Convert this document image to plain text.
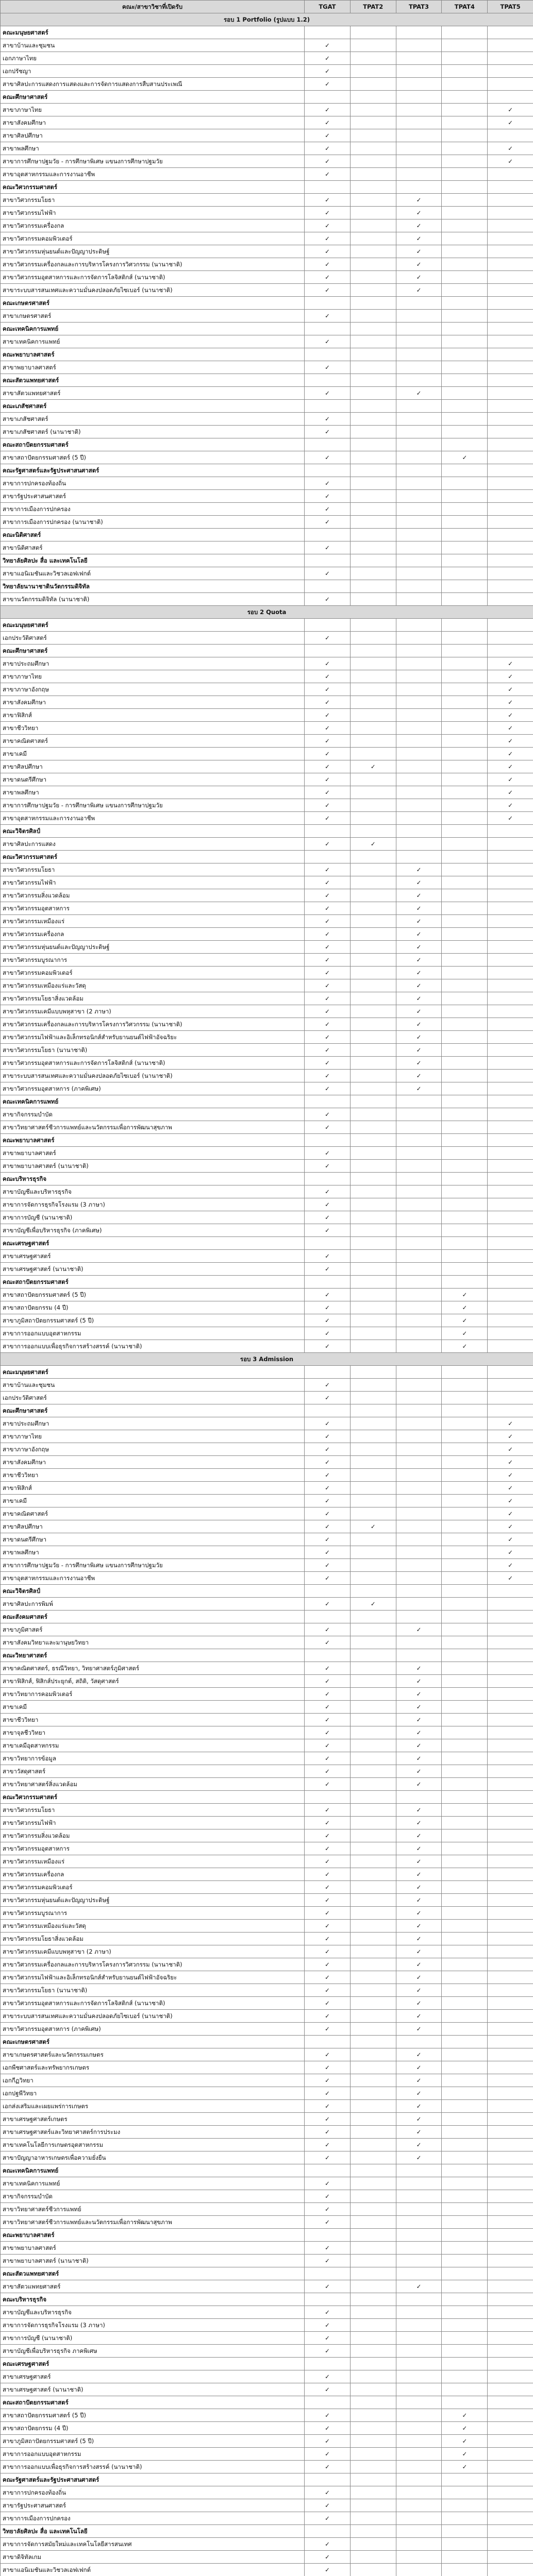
คณะ/สาขาวิชาที่เปิดรับ	TGAT	TPAT2	TPAT3	TPAT4	TPAT5
รอบ 1 Portfolio (รูปแบบ 1.2)					
คณะมนุษยศาสตร์					
สาขาบ้านและชุมชน	✓				
เอกภาษาไทย	✓				
เอกปรัชญา	✓				
สาขาศิลปะการแสดงการแสดงและการจัดการแสดงการสืบสานประเพณี	✓				
คณะศึกษาศาสตร์					
สาขาภาษาไทย	✓				✓
สาขาสังคมศึกษา	✓				✓
สาขาศิลปศึกษา	✓				
สาขาพลศึกษา	✓				✓
สาขาการศึกษาปฐมวัย - การศึกษาพิเศษ แขนงการศึกษาปฐมวัย	✓				✓
สาขาอุตสาหกรรมและการงานอาชีพ	✓				
คณะวิศวกรรมศาสตร์					
สาขาวิศวกรรมโยธา	✓		✓		
สาขาวิศวกรรมไฟฟ้า	✓		✓		
สาขาวิศวกรรมเครื่องกล	✓		✓		
สาขาวิศวกรรมคอมพิวเตอร์	✓		✓		
สาขาวิศวกรรมหุ่นยนต์และปัญญาประดิษฐ์	✓		✓		
สาขาวิศวกรรมเครื่องกลและการบริหารโครงการวิศวกรรม (นานาชาติ)	✓		✓		
สาขาวิศวกรรมอุตสาหการและการจัดการโลจิสติกส์ (นานาชาติ)	✓		✓		
สาขาระบบสารสนเทศและความมั่นคงปลอดภัยไซเบอร์ (นานาชาติ)	✓		✓		
คณะเกษตรศาสตร์					
สาขาเกษตรศาสตร์	✓				
คณะเทคนิคการแพทย์					
สาขาเทคนิคการแพทย์	✓				
คณะพยาบาลศาสตร์					
สาขาพยาบาลศาสตร์	✓				
คณะสัตวแพทยศาสตร์					
สาขาสัตวแพทยศาสตร์	✓		✓		
คณะเภสัชศาสตร์					
สาขาเภสัชศาสตร์	✓				
สาขาเภสัชศาสตร์ (นานาชาติ)	✓				
คณะสถาปัตยกรรมศาสตร์					
สาขาสถาปัตยกรรมศาสตร์ (5 ปี)	✓			✓	
คณะรัฐศาสตร์และรัฐประศาสนศาสตร์					
สาขาการปกครองท้องถิ่น	✓				
สาขารัฐประศาสนศาสตร์	✓				
สาขาการเมืองการปกครอง	✓				
สาขาการเมืองการปกครอง (นานาชาติ)	✓				
คณะนิติศาสตร์					
สาขานิติศาสตร์	✓				
วิทยาลัยศิลปะ สื่อ และเทคโนโลยี					
สาขาแอนิเมชันและวิชวลเอฟเฟกต์	✓				
วิทยาลัยนานาชาตินวัตกรรมดิจิทัล					
สาขานวัตกรรมดิจิทัล (นานาชาติ)	✓				
รอบ 2 Quota					
คณะมนุษยศาสตร์					
เอกประวัติศาสตร์	✓				
คณะศึกษาศาสตร์					
สาขาประถมศึกษา	✓				✓
สาขาภาษาไทย	✓				✓
สาขาภาษาอังกฤษ	✓				✓
สาขาสังคมศึกษา	✓				✓
สาขาฟิสิกส์	✓				✓
สาขาชีววิทยา	✓				✓
สาขาคณิตศาสตร์	✓				✓
สาขาเคมี	✓				✓
สาขาศิลปศึกษา	✓	✓			✓
สาขาดนตรีศึกษา	✓				✓
สาขาพลศึกษา	✓				✓
สาขาการศึกษาปฐมวัย - การศึกษาพิเศษ แขนงการศึกษาปฐมวัย	✓				✓
สาขาอุตสาหกรรมและการงานอาชีพ	✓				✓
คณะวิจิตรศิลป์					
สาขาศิลปะการแสดง	✓	✓			
คณะวิศวกรรมศาสตร์					
สาขาวิศวกรรมโยธา	✓		✓		
สาขาวิศวกรรมไฟฟ้า	✓		✓		
สาขาวิศวกรรมสิ่งแวดล้อม	✓		✓		
สาขาวิศวกรรมอุตสาหการ	✓		✓		
สาขาวิศวกรรมเหมืองแร่	✓		✓		
สาขาวิศวกรรมเครื่องกล	✓		✓		
สาขาวิศวกรรมหุ่นยนต์และปัญญาประดิษฐ์	✓		✓		
สาขาวิศวกรรมบูรณาการ	✓		✓		
สาขาวิศวกรรมคอมพิวเตอร์	✓		✓		
สาขาวิศวกรรมเหมืองแร่และวัสดุ	✓		✓		
สาขาวิศวกรรมโยธาสิ่งแวดล้อม	✓		✓		
สาขาวิศวกรรมเคมีแบบพหุสาขา (2 ภาษา)	✓		✓		
สาขาวิศวกรรมเครื่องกลและการบริหารโครงการวิศวกรรม (นานาชาติ)	✓		✓		
สาขาวิศวกรรมไฟฟ้าและอิเล็กทรอนิกส์สำหรับยานยนต์ไฟฟ้าอัจฉริยะ	✓		✓		
สาขาวิศวกรรมโยธา (นานาชาติ)	✓		✓		
สาขาวิศวกรรมอุตสาหการและการจัดการโลจิสติกส์ (นานาชาติ)	✓		✓		
สาขาระบบสารสนเทศและความมั่นคงปลอดภัยไซเบอร์ (นานาชาติ)	✓		✓		
สาขาวิศวกรรมอุตสาหการ (ภาคพิเศษ)	✓		✓		
คณะเทคนิคการแพทย์					
สาขากิจกรรมบำบัด	✓				
สาขาวิทยาศาสตร์ชีวการแพทย์และนวัตกรรมเพื่อการพัฒนาสุขภาพ	✓				
คณะพยาบาลศาสตร์					
สาขาพยาบาลศาสตร์	✓				
สาขาพยาบาลศาสตร์ (นานาชาติ)	✓				
คณะบริหารธุรกิจ					
สาขาบัญชีและบริหารธุรกิจ	✓				
สาขาการจัดการธุรกิจโรงแรม (3 ภาษา)	✓				
สาขาการบัญชี (นานาชาติ)	✓				
สาขาบัญชีเพื่อบริหารธุรกิจ (ภาคพิเศษ)	✓				
คณะเศรษฐศาสตร์					
สาขาเศรษฐศาสตร์	✓				
สาขาเศรษฐศาสตร์ (นานาชาติ)	✓				
คณะสถาปัตยกรรมศาสตร์					
สาขาสถาปัตยกรรมศาสตร์ (5 ปี)	✓			✓	
สาขาสถาปัตยกรรม (4 ปี)	✓			✓	
สาขาภูมิสถาปัตยกรรมศาสตร์ (5 ปี)	✓			✓	
สาขาการออกแบบอุตสาหกรรม	✓			✓	
สาขาการออกแบบเพื่อธุรกิจการสร้างสรรค์ (นานาชาติ)	✓			✓	
รอบ 3 Admission					
คณะมนุษยศาสตร์					
สาขาบ้านและชุมชน	✓				
เอกประวัติศาสตร์	✓				
คณะศึกษาศาสตร์					
สาขาประถมศึกษา	✓				✓
สาขาภาษาไทย	✓				✓
สาขาภาษาอังกฤษ	✓				✓
สาขาสังคมศึกษา	✓				✓
สาขาชีววิทยา	✓				✓
สาขาฟิสิกส์	✓				✓
สาขาเคมี	✓				✓
สาขาคณิตศาสตร์	✓				✓
สาขาศิลปศึกษา	✓	✓			✓
สาขาดนตรีศึกษา	✓				✓
สาขาพลศึกษา	✓				✓
สาขาการศึกษาปฐมวัย - การศึกษาพิเศษ แขนงการศึกษาปฐมวัย	✓				✓
สาขาอุตสาหกรรมและการงานอาชีพ	✓				✓
คณะวิจิตรศิลป์					
สาขาศิลปะการพิมพ์	✓	✓			
คณะสังคมศาสตร์					
สาขาภูมิศาสตร์	✓		✓		
สาขาสังคมวิทยาและมานุษยวิทยา	✓				
คณะวิทยาศาสตร์					
สาขาคณิตศาสตร์, ธรณีวิทยา, วิทยาศาสตร์ภูมิศาสตร์	✓		✓		
สาขาฟิสิกส์, ฟิสิกส์ประยุกต์, สถิติ, วัสดุศาสตร์	✓		✓		
สาขาวิทยาการคอมพิวเตอร์	✓		✓		
สาขาเคมี	✓		✓		
สาขาชีววิทยา	✓		✓		
สาขาจุลชีววิทยา	✓		✓		
สาขาเคมีอุตสาหกรรม	✓		✓		
สาขาวิทยาการข้อมูล	✓		✓		
สาขาวัสดุศาสตร์	✓		✓		
สาขาวิทยาศาสตร์สิ่งแวดล้อม	✓		✓		
คณะวิศวกรรมศาสตร์					
สาขาวิศวกรรมโยธา	✓		✓		
สาขาวิศวกรรมไฟฟ้า	✓		✓		
สาขาวิศวกรรมสิ่งแวดล้อม	✓		✓		
สาขาวิศวกรรมอุตสาหการ	✓		✓		
สาขาวิศวกรรมเหมืองแร่	✓		✓		
สาขาวิศวกรรมเครื่องกล	✓		✓		
สาขาวิศวกรรมคอมพิวเตอร์	✓		✓		
สาขาวิศวกรรมหุ่นยนต์และปัญญาประดิษฐ์	✓		✓		
สาขาวิศวกรรมบูรณาการ	✓		✓		
สาขาวิศวกรรมเหมืองแร่และวัสดุ	✓		✓		
สาขาวิศวกรรมโยธาสิ่งแวดล้อม	✓		✓		
สาขาวิศวกรรมเคมีแบบพหุสาขา (2 ภาษา)	✓		✓		
สาขาวิศวกรรมเครื่องกลและการบริหารโครงการวิศวกรรม (นานาชาติ)	✓		✓		
สาขาวิศวกรรมไฟฟ้าและอิเล็กทรอนิกส์สำหรับยานยนต์ไฟฟ้าอัจฉริยะ	✓		✓		
สาขาวิศวกรรมโยธา (นานาชาติ)	✓		✓		
สาขาวิศวกรรมอุตสาหการและการจัดการโลจิสติกส์ (นานาชาติ)	✓		✓		
สาขาระบบสารสนเทศและความมั่นคงปลอดภัยไซเบอร์ (นานาชาติ)	✓		✓		
สาขาวิศวกรรมอุตสาหการ (ภาคพิเศษ)	✓		✓		
คณะเกษตรศาสตร์					
สาขาเกษตรศาสตร์และนวัตกรรมเกษตร	✓		✓		
เอกพืชศาสตร์และทรัพยากรเกษตร	✓		✓		
เอกกีฏวิทยา	✓		✓		
เอกปฐพีวิทยา	✓		✓		
เอกส่งเสริมและเผยแพร่การเกษตร	✓		✓		
สาขาเศรษฐศาสตร์เกษตร	✓		✓		
สาขาเศรษฐศาสตร์และวิทยาศาสตร์การประมง	✓		✓		
สาขาเทคโนโลยีการเกษตรอุตสาหกรรม	✓		✓		
สาขาปัญญาอาหารเกษตรเพื่อความยั่งยืน	✓		✓		
คณะเทคนิคการแพทย์					
สาขาเทคนิคการแพทย์	✓				
สาขากิจกรรมบำบัด	✓				
สาขาวิทยาศาสตร์ชีวการแพทย์	✓				
สาขาวิทยาศาสตร์ชีวการแพทย์และนวัตกรรมเพื่อการพัฒนาสุขภาพ	✓				
คณะพยาบาลศาสตร์					
สาขาพยาบาลศาสตร์	✓				
สาขาพยาบาลศาสตร์ (นานาชาติ)	✓				
คณะสัตวแพทยศาสตร์					
สาขาสัตวแพทยศาสตร์	✓		✓		
คณะบริหารธุรกิจ					
สาขาบัญชีและบริหารธุรกิจ	✓				
สาขาการจัดการธุรกิจโรงแรม (3 ภาษา)	✓				
สาขาการบัญชี (นานาชาติ)	✓				
สาขาบัญชีเพื่อบริหารธุรกิจ ภาคพิเศษ	✓				
คณะเศรษฐศาสตร์					
สาขาเศรษฐศาสตร์	✓				
สาขาเศรษฐศาสตร์ (นานาชาติ)	✓				
คณะสถาปัตยกรรมศาสตร์					
สาขาสถาปัตยกรรมศาสตร์ (5 ปี)	✓			✓	
สาขาสถาปัตยกรรม (4 ปี)	✓			✓	
สาขาภูมิสถาปัตยกรรมศาสตร์ (5 ปี)	✓			✓	
สาขาการออกแบบอุตสาหกรรม	✓			✓	
สาขาการออกแบบเพื่อธุรกิจการสร้างสรรค์ (นานาชาติ)	✓			✓	
คณะรัฐศาสตร์และรัฐประศาสนศาสตร์					
สาขาการปกครองท้องถิ่น	✓				
สาขารัฐประศาสนศาสตร์	✓				
สาขาการเมืองการปกครอง	✓				
วิทยาลัยศิลปะ สื่อ และเทคโนโลยี					
สาขาการจัดการสมัยใหม่และเทคโนโลยีสารสนเทศ	✓				
สาขาดิจิทัลเกม	✓				
สาขาแอนิเมชันและวิชวลเอฟเฟกต์	✓				
